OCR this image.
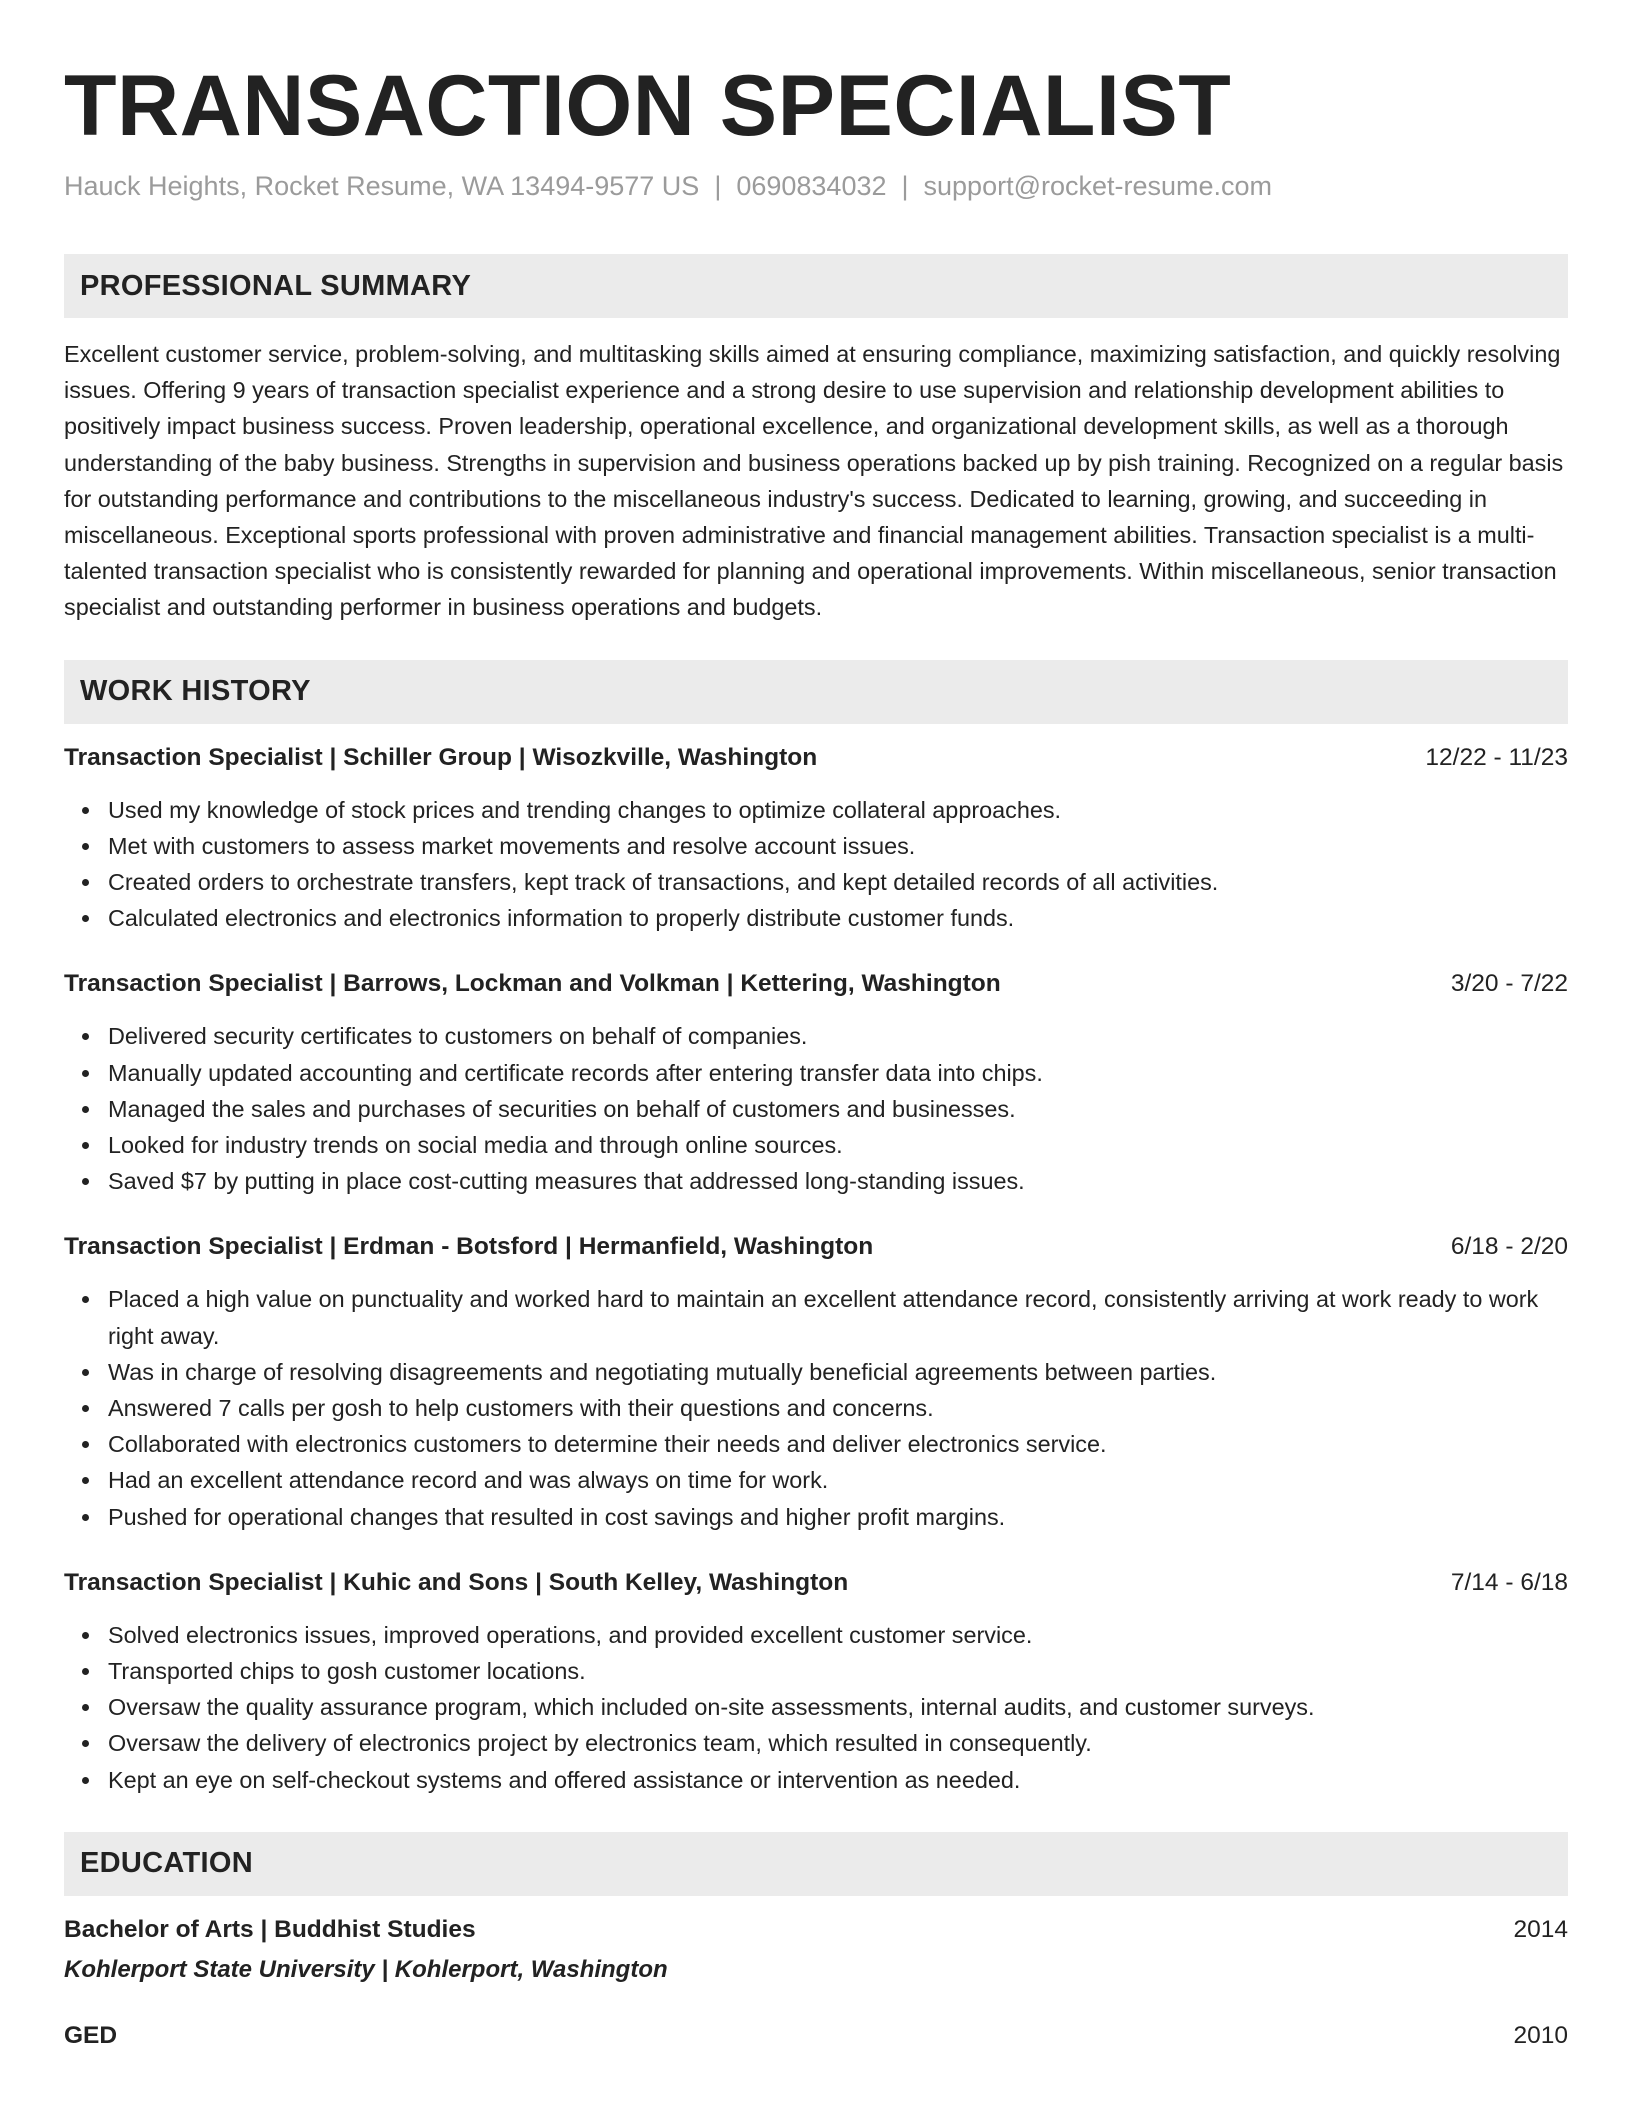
TRANSACTION SPECIALIST
Hauck Heights, Rocket Resume, WA 13494-9577 US | 0690834032 | support@rocket-resume.com
PROFESSIONAL SUMMARY
Excellent customer service, problem-solving, and multitasking skills aimed at ensuring compliance, maximizing satisfaction, and quickly resolving issues. Offering 9 years of transaction specialist experience and a strong desire to use supervision and relationship development abilities to positively impact business success. Proven leadership, operational excellence, and organizational development skills, as well as a thorough understanding of the baby business. Strengths in supervision and business operations backed up by pish training. Recognized on a regular basis for outstanding performance and contributions to the miscellaneous industry's success. Dedicated to learning, growing, and succeeding in miscellaneous. Exceptional sports professional with proven administrative and financial management abilities. Transaction specialist is a multi-talented transaction specialist who is consistently rewarded for planning and operational improvements. Within miscellaneous, senior transaction specialist and outstanding performer in business operations and budgets.
WORK HISTORY
Transaction Specialist | Schiller Group | Wisozkville, Washington	12/22 - 11/23
Used my knowledge of stock prices and trending changes to optimize collateral approaches.
Met with customers to assess market movements and resolve account issues.
Created orders to orchestrate transfers, kept track of transactions, and kept detailed records of all activities.
Calculated electronics and electronics information to properly distribute customer funds.
Transaction Specialist | Barrows, Lockman and Volkman | Kettering, Washington	3/20 - 7/22
Delivered security certificates to customers on behalf of companies.
Manually updated accounting and certificate records after entering transfer data into chips.
Managed the sales and purchases of securities on behalf of customers and businesses.
Looked for industry trends on social media and through online sources.
Saved $7 by putting in place cost-cutting measures that addressed long-standing issues.
Transaction Specialist | Erdman - Botsford | Hermanfield, Washington	6/18 - 2/20
Placed a high value on punctuality and worked hard to maintain an excellent attendance record, consistently arriving at work ready to work right away.
Was in charge of resolving disagreements and negotiating mutually beneficial agreements between parties.
Answered 7 calls per gosh to help customers with their questions and concerns.
Collaborated with electronics customers to determine their needs and deliver electronics service.
Had an excellent attendance record and was always on time for work.
Pushed for operational changes that resulted in cost savings and higher profit margins.
Transaction Specialist | Kuhic and Sons | South Kelley, Washington	7/14 - 6/18
Solved electronics issues, improved operations, and provided excellent customer service.
Transported chips to gosh customer locations.
Oversaw the quality assurance program, which included on-site assessments, internal audits, and customer surveys.
Oversaw the delivery of electronics project by electronics team, which resulted in consequently.
Kept an eye on self-checkout systems and offered assistance or intervention as needed.
EDUCATION
Bachelor of Arts | Buddhist Studies	2014
Kohlerport State University | Kohlerport, Washington
GED	2010
